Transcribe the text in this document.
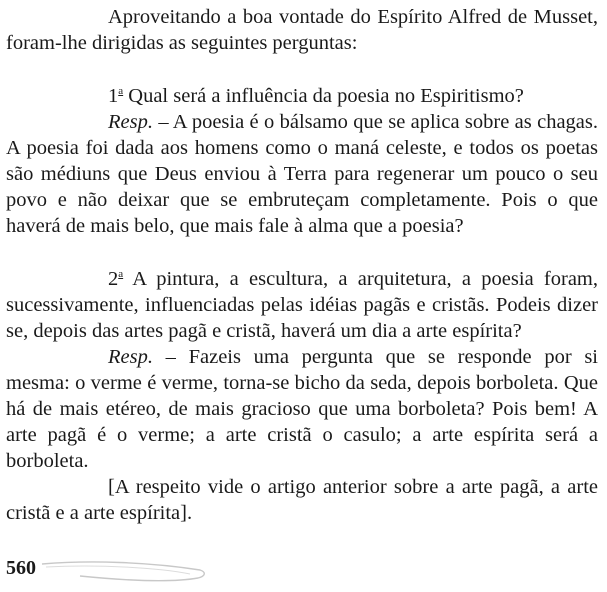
Aproveitando a boa vontade do Espírito Alfred de Musset, foram-lhe dirigidas as seguintes perguntas:

1$^a$ Qual será a influência da poesia no Espiritismo?

Resp. – A poesia é o bálsamo que se aplica sobre as chagas. A poesia foi dada aos homens como o maná celeste, e todos os poetas são médiuns que Deus enviou à Terra para regenerar um pouco o seu povo e não deixar que se embruteçam completamente. Pois o que haverá de mais belo, que mais fale à alma que a poesia?

2$^a$ A pintura, a escultura, a arquitetura, a poesia foram, sucessivamente, influenciadas pelas idéias pagãs e cristãs. Podeis dizer se, depois das artes pagã e cristã, haverá um dia a arte espírita?

Resp. – Fazeis uma pergunta que se responde por si mesma: o verme é verme, torna-se bicho da seda, depois borboleta. Que há de mais etéreo, de mais gracioso que uma borboleta? Pois bem! A arte pagã é o verme; a arte cristã o casulo; a arte espírita será a borboleta.

[A respeito vide o artigo anterior sobre a arte pagã, a arte cristã e a arte espírita].

560
